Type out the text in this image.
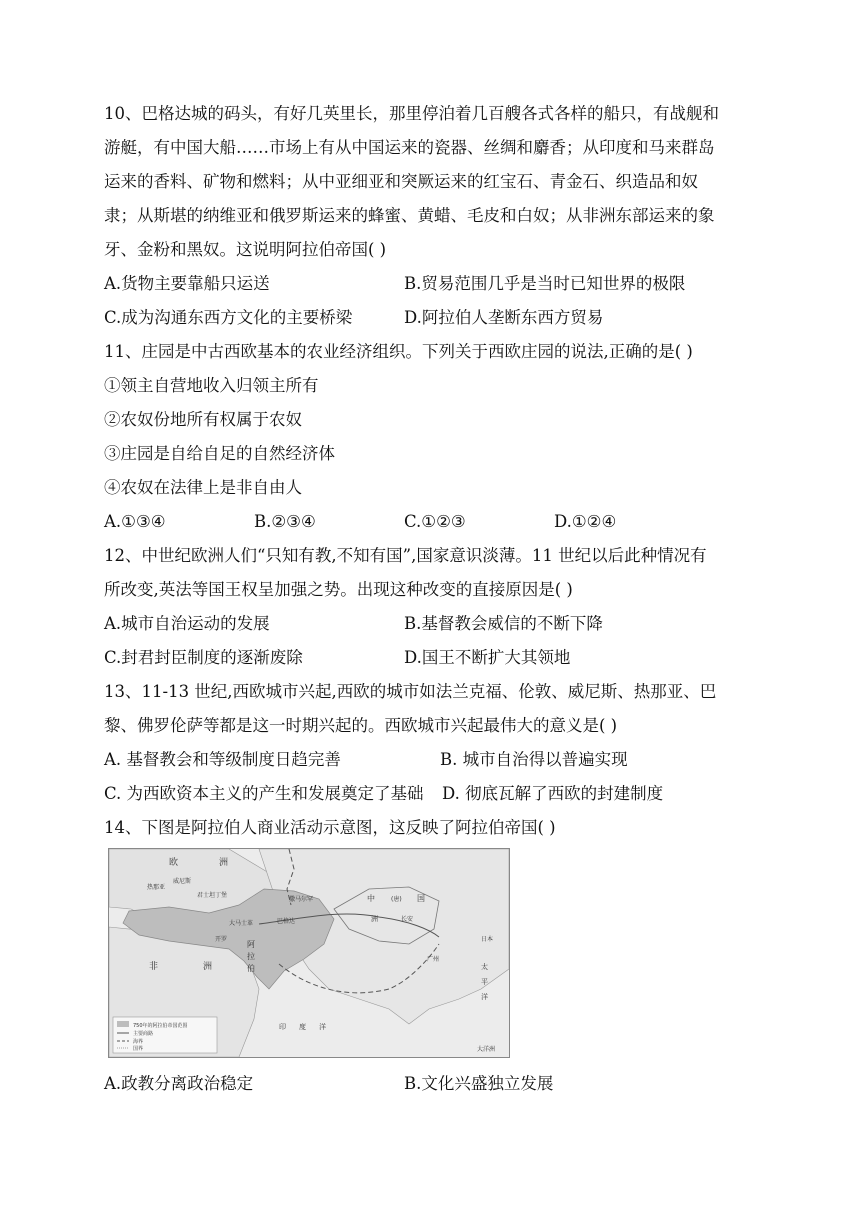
10、巴格达城的码头，有好几英里长，那里停泊着几百艘各式各样的船只，有战舰和
游艇，有中国大船……市场上有从中国运来的瓷器、丝绸和麝香；从印度和马来群岛
运来的香料、矿物和燃料；从中亚细亚和突厥运来的红宝石、青金石、织造品和奴
隶；从斯堪的纳维亚和俄罗斯运来的蜂蜜、黄蜡、毛皮和白奴；从非洲东部运来的象
牙、金粉和黑奴。这说明阿拉伯帝国( )
A.货物主要靠船只运送	B.贸易范围几乎是当时已知世界的极限
C.成为沟通东西方文化的主要桥梁	D.阿拉伯人垄断东西方贸易
11、庄园是中古西欧基本的农业经济组织。下列关于西欧庄园的说法,正确的是( )
①领主自营地收入归领主所有
②农奴份地所有权属于农奴
③庄园是自给自足的自然经济体
④农奴在法律上是非自由人
A.①③④	B.②③④	C.①②③	D.①②④
12、中世纪欧洲人们“只知有教,不知有国”,国家意识淡薄。11 世纪以后此种情况有
所改变,英法等国王权呈加强之势。出现这种改变的直接原因是( )
A.城市自治运动的发展	B.基督教会威信的不断下降
C.封君封臣制度的逐渐废除	D.国王不断扩大其领地
13、11-13 世纪,西欧城市兴起,西欧的城市如法兰克福、伦敦、威尼斯、热那亚、巴
黎、佛罗伦萨等都是这一时期兴起的。西欧城市兴起最伟大的意义是( )
A. 基督教会和等级制度日趋完善	B. 城市自治得以普遍实现
C. 为西欧资本主义的产生和发展奠定了基础 D. 彻底瓦解了西欧的封建制度
14、下图是阿拉伯人商业活动示意图，这反映了阿拉伯帝国( )
欧	洲
中	(唐) 国
长安
洲
非	洲
阿
拉
伯
印 度 洋
太
平
洋
日本
大洋洲
巴格达
大马士革
开罗
君士坦丁堡
威尼斯
热那亚
撒马尔罕
广州
750年的阿拉伯帝国范围
主要商路
海界
国界
A.政教分离政治稳定	B.文化兴盛独立发展
